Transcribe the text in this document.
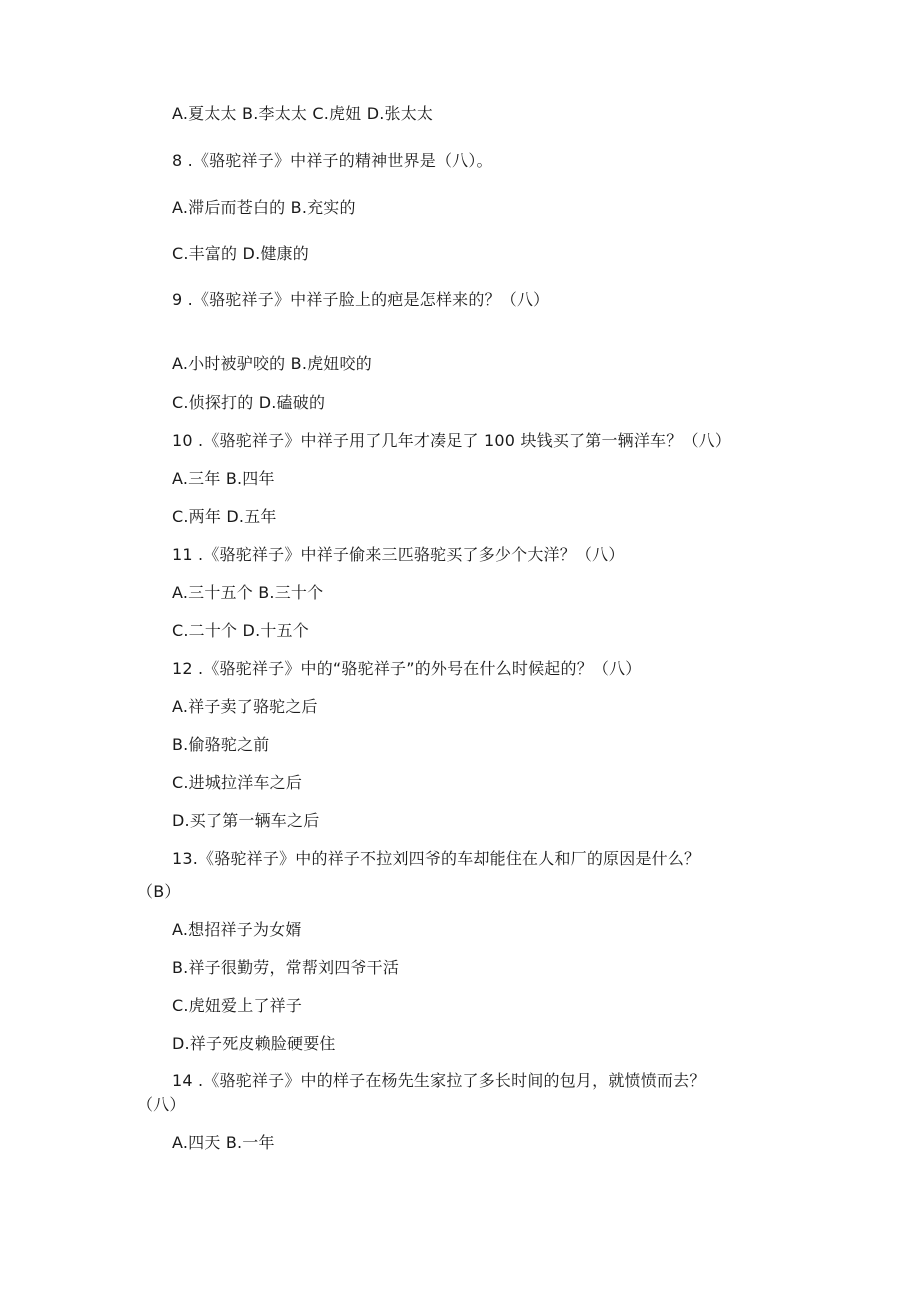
A.夏太太 B.李太太 C.虎妞 D.张太太
8 .《骆驼祥子》中祥子的精神世界是（八）。
A.滞后而苍白的 B.充实的
C.丰富的 D.健康的
9 .《骆驼祥子》中祥子脸上的疤是怎样来的？（八）
A.小时被驴咬的 B.虎妞咬的
C.侦探打的 D.磕破的
10 .《骆驼祥子》中祥子用了几年才凑足了 100 块钱买了第一辆洋车？（八）
A.三年 B.四年
C.两年 D.五年
11 .《骆驼祥子》中祥子偷来三匹骆驼买了多少个大洋？（八）
A.三十五个 B.三十个
C.二十个 D.十五个
12 .《骆驼祥子》中的“骆驼祥子”的外号在什么时候起的？（八）
A.祥子卖了骆驼之后
B.偷骆驼之前
C.进城拉洋车之后
D.买了第一辆车之后
13.《骆驼祥子》中的祥子不拉刘四爷的车却能住在人和厂的原因是什么？
（B）
A.想招祥子为女婿
B.祥子很勤劳，常帮刘四爷干活
C.虎妞爱上了祥子
D.祥子死皮赖脸硬要住
14 .《骆驼祥子》中的样子在杨先生家拉了多长时间的包月，就愤愤而去？
（八）
A.四天 B.一年
